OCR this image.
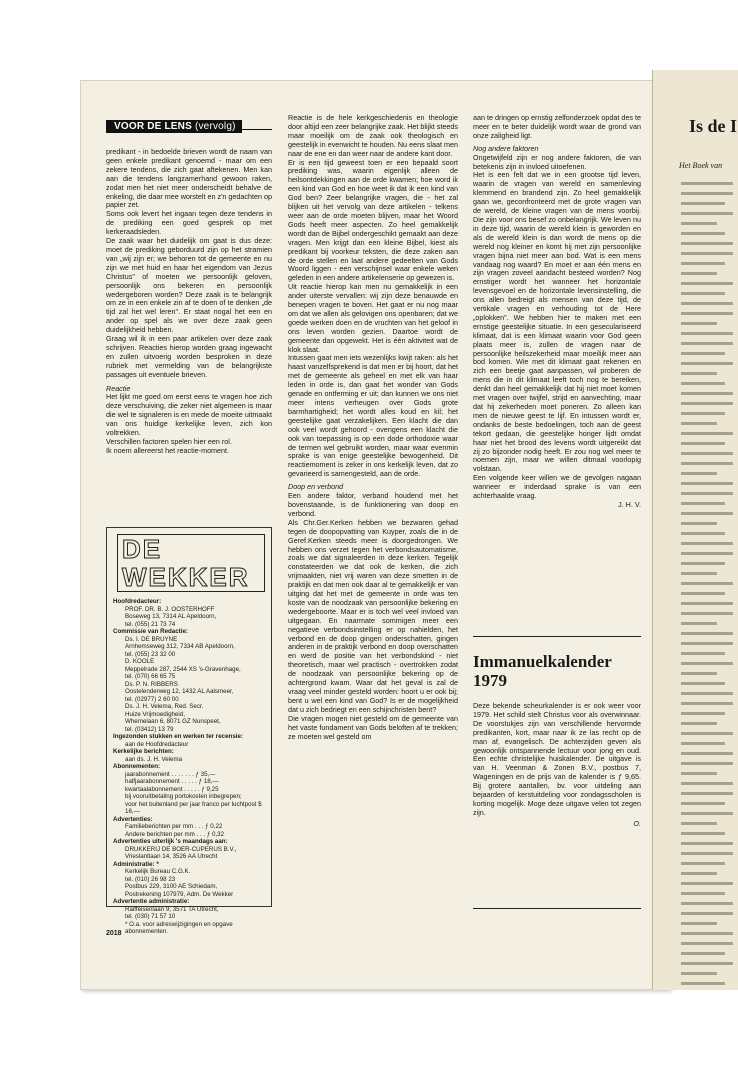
Is de I
Het Boek van
VOOR DE LENS (vervolg)

predikant - in bedoelde brieven wordt de naam van geen enkele predikant genoemd - maar om een zekere tendens, die zich gaat aftekenen. Men kan aan die tendens langzamerhand gewoon raken, zodat men het niet meer onderscheidt behalve de enkeling, die daar mee worstelt en z'n gedachten op papier zet.

Soms ook levert het ingaan tegen deze tendens in de prediking een goed gesprek op met kerkeraadsleden.

De zaak waar het duidelijk om gaat is dus deze: moet de prediking geborduurd zijn op het stramien van „wij zijn er; we behoren tot de gemeente en nu zijn we met huid en haar het eigendom van Jezus Christus" of moeten we persoonlijk geloven, persoonlijk ons bekeren en persoonlijk wedergeboren worden? Deze zaak is te belangrijk om ze in een enkele zin af te doen of te denken „de tijd zal het wel leren". Er staat nogal het een en ander op spel als we over deze zaak geen duidelijkheid hebben.

Graag wil ik in een paar artikelen over deze zaak schrijven. Reacties hierop worden graag ingewacht en zullen uitvoerig worden besproken in deze rubriek met vermelding van de belangrijkste passages uit eventuele brieven.

Reactie

Het lijkt me goed om eerst eens te vragen hoe zich deze verschuiving, die zeker niet algemeen is maar die wel te signaleren is en mede de moeite uitmaakt van ons huidige kerkelijke leven, zich kon voltrekken.

Verschillen factoren spelen hier een rol.

Ik noem allereerst het reactie-moment.

DE WEKKER
Hoofdredacteur:
PROF. DR. B. J. OOSTERHOFF
Boseweg 13, 7314 AL Apeldoorn,
tel. (055) 21 73 74
Commissie van Redactie:
Ds. I. DE BRUYNE
Arnhemseweg 312, 7334 AB Apeldoorn,
tel. (055) 23 32 00
D. KOOLE
Meppelrade 287, 2544 XS 's-Gravenhage,
tel. (070) 66 65 75
Ds. P. N. RIBBERS
Oostelenderweg 12, 1432 AL Aalsmeer,
tel. (02977) 2 60 00
Ds. J. H. Velema, Red. Secr.
Huize Vrijmoedigheid,
Whemelaan 6, 8071 GZ Nunspeet,
tel. (03412) 13 79
Ingezonden stukken en werken ter recensie:
aan de Hoofdredacteur
Kerkelijke berichten:
aan ds. J. H. Velema
Abonnementen:
jaarabonnement . . . . . . . ƒ 35,—
halfjaarabonnement . . . . . ƒ 18,—
kwartaalabonnement . . . . . ƒ 9,25
bij vooruitbetaling portokosten inbegrepen;
voor het buitenland per jaar franco per luchtpost $ 16,—
Advertenties:
Familieberichten per mm . . . ƒ 0,22
Andere berichten per mm . . . ƒ 0,32
Advertenties uiterlijk 's maandags aan:
DRUKKERIJ DE BOER-CUPERUS B.V.,
Vrieslantlaan 14, 3526 AA Utrecht
Administratie: *
Kerkelijk Bureau C.G.K.
tel. (010) 26 98 23
Postbus 229, 3100 AE Schiedam,
Postrekening 107979, Adm. De Wekker
Advertentie administratie:
Raiffeisenlaan 9, 3571 TA Utrecht,
tel. (030) 71 57 10
* O.a. voor adreswijzigingen en opgave abonnementen.
2018

Reactie is de hele kerkgeschiedenis en theologie door altijd een zeer belangrijke zaak. Het blijkt steeds maar moeilijk om de zaak ook theologisch en geestelijk in evenwicht te houden. Nu eens slaat men naar de ene en dan weer naar de andere kant door.

Er is een tijd geweest toen er een bepaald soort prediking was, waarin eigenlijk alleen de heilsontdekkingen aan de orde kwamen; hoe word ik een kind van God en hoe weet ik dat ik een kind van God ben? Zeer belangrijke vragen, die - het zal blijken uit het vervolg van deze artikelen - telkens weer aan de orde moeten blijven, maar het Woord Gods heeft meer aspecten. Zo heel gemakkelijk wordt dan de Bijbel ondergeschikt gemaakt aan deze vragen. Men krijgt dan een kleine Bijbel, kiest als predikant bij voorkeur teksten, die deze zaken aan de orde stellen en laat andere gedeelten van Gods Woord liggen - een verschijnsel waar enkele weken geleden in een andere artikelenserie op gewezen is.

Uit reactie hierop kan men nu gemakkelijk in een ander uiterste vervallen: wij zijn deze benauwde en benepen vragen te boven. Het gaat er nu nog maar om dat we allen als gelovigen ons openbaren; dat we goede werken doen en de vruchten van het geloof in ons leven worden gezien. Daartoe wordt de gemeente dan opgewekt. Het is één aktiviteit wat de klok slaat.

Intussen gaat men iets wezenlijks kwijt raken: als het haast vanzelfsprekend is dat men er bij hoort, dat het met de gemeente als geheel en met elk van haar leden in orde is, dan gaat het wonder van Gods genade en ontferming er uit; dan kunnen we ons niet meer intens verheugen over Gods grote barmhartigheid; het wordt alles koud en kil; het geestelijke gaat verzakelijken. Een klacht die dan ook veel wordt gehoord - overigens een klacht die ook van toepassing is op een dode orthodoxie waar de termen wel gebruikt worden, maar waar evenmin sprake is van enige geestelijke bewogenheid. Dit reactiemoment is zeker in ons kerkelijk leven, dat zo gevarieerd is samengesteld, aan de orde.

Doop en verbond

Een andere faktor, verband houdend met het bovenstaande, is de funktionering van doop en verbond.

Als Chr.Ger.Kerken hebben we bezwaren gehad tegen de doopopvatting van Kuyper, zoals die in de Geref.Kerken steeds meer is doorgedrongen. We hebben ons verzet tegen het verbondsautomatisme, zoals we dat signaleerden in deze kerken. Tegelijk constateerden we dat ook de kerken, die zich vrijmaakten, niet vrij waren van deze smetten in de praktijk en dat men ook daar al te gemakkelijk er van uitging dat het met de gemeente in orde was ten koste van de noodzaak van persoonlijke bekering en wedergeboorte. Maar er is toch wel veel invloed van uitgegaan. En naarmate sommigen meer een negatieve verbondsinstelling er op nahielden, het verbond en de doop gingen onderschatten, gingen anderen in de praktijk verbond en doop overschatten en werd de positie van het verbondskind - niet theoretisch, maar wel practisch - overtrokken zodat de noodzaak van persoonlijke bekering op de achtergrond kwam. Waar dat het geval is zal de vraag veel minder gesteld worden: hoort u er ook bij; bent u wel een kind van God? Is er de mogelijkheid dat u zich bedriegt en een schijnchristen bent?

Die vragen mogen niet gesteld om de gemeente van het vaste fundament van Gods beloften af te trekken; ze moeten wel gesteld om

aan te dringen op ernstig zelfonderzoek opdat des te meer en te beter duidelijk wordt waar de grond van onze zaligheid ligt.

Nog andere faktoren

Ongetwijfeld zijn er nog andere faktoren, die van betekenis zijn in invloed uitoefenen.

Het is een felt dat we in een grootse tijd leven, waarin de vragen van wereld en samenleving klemmend en brandend zijn. Zo heel gemakkelijk gaan we, geconfronteerd met de grote vragen van de wereld, de kleine vragen van de mens voorbij. Die zijn voor ons besef zo onbelangrijk. We leven nu in deze tijd, waarin de wereld klein is geworden en als de wereld klein is dan wordt de mens op die wereld nog kleiner en komt hij met zijn persoonlijke vragen bijna niet meer aan bod. Wat is een mens vandaag nog waard? En moet er aan één mens en zijn vragen zoveel aandacht besteed worden? Nog ernstiger wordt het wanneer het horizontale levensgevoel en de horizontale levensinstelling, die ons allen bedreigt als mensen van deze tijd, de vertikale vragen en verhouding tot de Here „oplokken". We hebben hier te maken met een ernstige geestelijke situatie. In een geseculariseerd klimaat, dat is een klimaat waarin voor God geen plaats meer is, zullen de vragen naar de persoonlijke heilszekerheid maar moeilijk meer aan bod komen. Wie met dit klimaat gaat rekenen en zich een beetje gaat aanpassen, wil proberen de mens die in dit klimaat leeft toch nog te bereiken, denkt dan heel gemakkelijk dat hij niet moet komen met vragen over twijfel, strijd en aanvechting, maar dat hij zekerheden moet poneren. Zo alleen kan men de nieuwe geest te lijf. En intussen wordt er, ondanks de beste bedoelingen, toch aan de geest tekort gedaan, die geestelijke honger lijdt omdat haar niet het brood des levens wordt uitgereikt dat zij zo bijzonder nodig heeft. Er zou nog wel meer te noemen zijn, maar we willen ditmaal voorlopig volstaan.

Een volgende keer willen we de gevolgen nagaan wanneer er inderdaad sprake is van een achterhaalde vraag.

J. H. V.

Immanuelkalender
1979

Deze bekende scheurkalender is er ook weer voor 1979. Het schild stelt Christus voor als overwinnaar. De voorstukjes zijn van verschillende hervormde predikanten, kort, maar naar ik ze las recht op de man af, evangelisch. De achterzijden geven als gewoonlijk ontspannende lectuur voor jong en oud. Een echte christelijke huiskalender. De uitgave is van H. Veenman & Zonen B.V., postbus 7, Wageningen en de prijs van de kalender is ƒ 9,65. Bij grotere aantallen, bv. voor uitdeling aan bejaarden of kerstuitdeling voor zondagsscholen is korting mogelijk. Moge deze uitgave velen tot zegen zijn.

O.
